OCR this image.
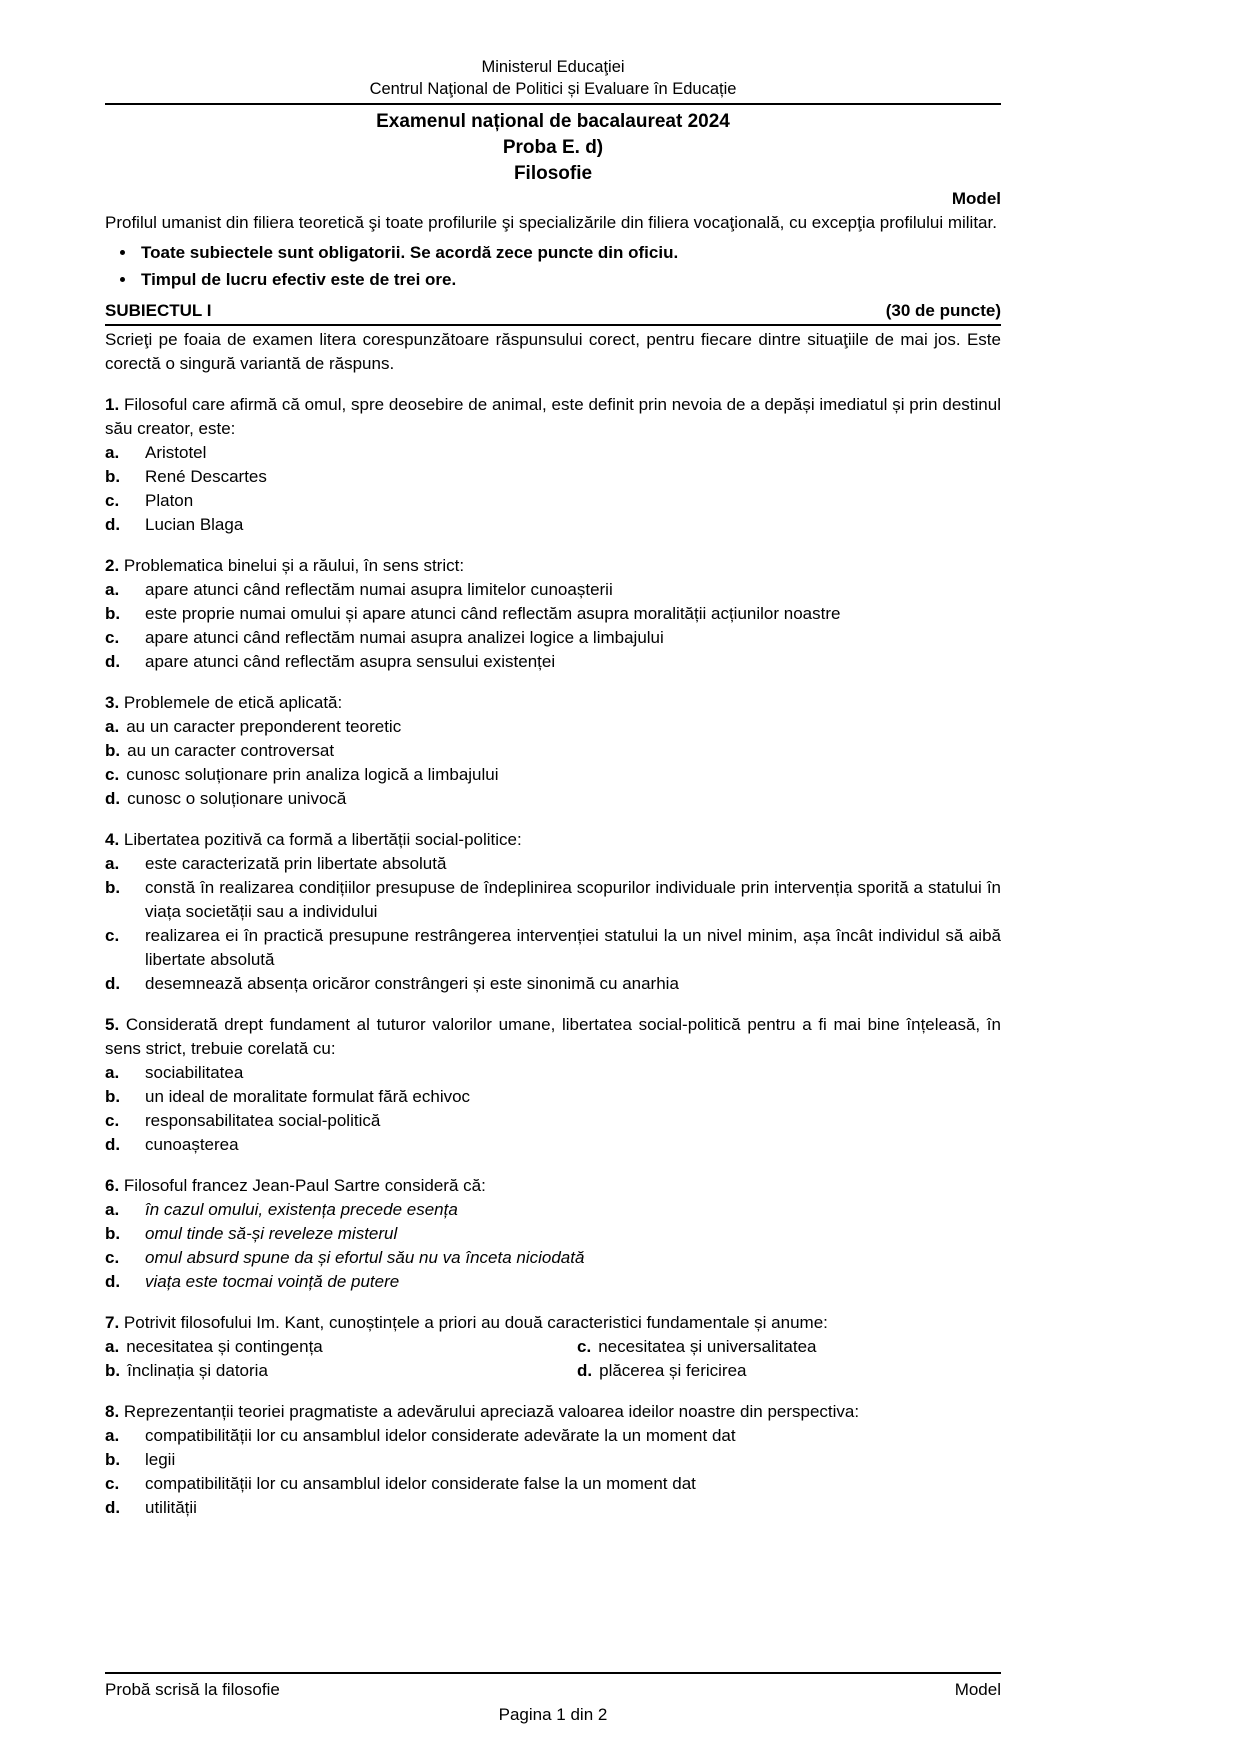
Ministerul Educaţiei
Centrul Naţional de Politici și Evaluare în Educație
Examenul național de bacalaureat 2024
Proba E. d)
Filosofie
Model

Profilul umanist din filiera teoretică şi toate profilurile şi specializările din filiera vocaţională, cu excepţia profilului militar.

• Toate subiectele sunt obligatorii. Se acordă zece puncte din oficiu.
• Timpul de lucru efectiv este de trei ore.
SUBIECTUL I	(30 de puncte)

Scrieţi pe foaia de examen litera corespunzătoare răspunsului corect, pentru fiecare dintre situaţiile de mai jos. Este corectă o singură variantă de răspuns.

1. Filosoful care afirmă că omul, spre deosebire de animal, este definit prin nevoia de a depăși imediatul și prin destinul său creator, este:

a.	Aristotel
b.	René Descartes
c.	Platon
d.	Lucian Blaga

2. Problematica binelui și a răului, în sens strict:

a.	apare atunci când reflectăm numai asupra limitelor cunoașterii
b.	este proprie numai omului și apare atunci când reflectăm asupra moralității acțiunilor noastre
c.	apare atunci când reflectăm numai asupra analizei logice a limbajului
d.	apare atunci când reflectăm asupra sensului existenței

3. Problemele de etică aplicată:

a. au un caracter preponderent teoretic
b. au un caracter controversat
c. cunosc soluționare prin analiza logică a limbajului
d. cunosc o soluționare univocă

4. Libertatea pozitivă ca formă a libertății social-politice:

a.	este caracterizată prin libertate absolută
b.	constă în realizarea condițiilor presupuse de îndeplinirea scopurilor individuale prin intervenția sporită a statului în viața societății sau a individului
c.	realizarea ei în practică presupune restrângerea intervenției statului la un nivel minim, așa încât individul să aibă libertate absolută
d.	desemnează absența oricăror constrângeri și este sinonimă cu anarhia

5. Considerată drept fundament al tuturor valorilor umane, libertatea social-politică pentru a fi mai bine înțeleasă, în sens strict, trebuie corelată cu:

a.	sociabilitatea
b.	un ideal de moralitate formulat fără echivoc
c.	responsabilitatea social-politică
d.	cunoașterea

6. Filosoful francez Jean-Paul Sartre consideră că:

a.	în cazul omului, existența precede esența
b.	omul tinde să-și reveleze misterul
c.	omul absurd spune da și efortul său nu va înceta niciodată
d.	viața este tocmai voință de putere

7. Potrivit filosofului Im. Kant, cunoștințele a priori au două caracteristici fundamentale și anume:

a. necesitatea și contingența	c. necesitatea și universalitatea
b. înclinația și datoria	d. plăcerea și fericirea

8. Reprezentanții teoriei pragmatiste a adevărului apreciază valoarea ideilor noastre din perspectiva:

a.	compatibilității lor cu ansamblul idelor considerate adevărate la un moment dat
b.	legii
c.	compatibilității lor cu ansamblul idelor considerate false la un moment dat
d.	utilității
Probă scrisă la filosofie	Model
Pagina 1 din 2
